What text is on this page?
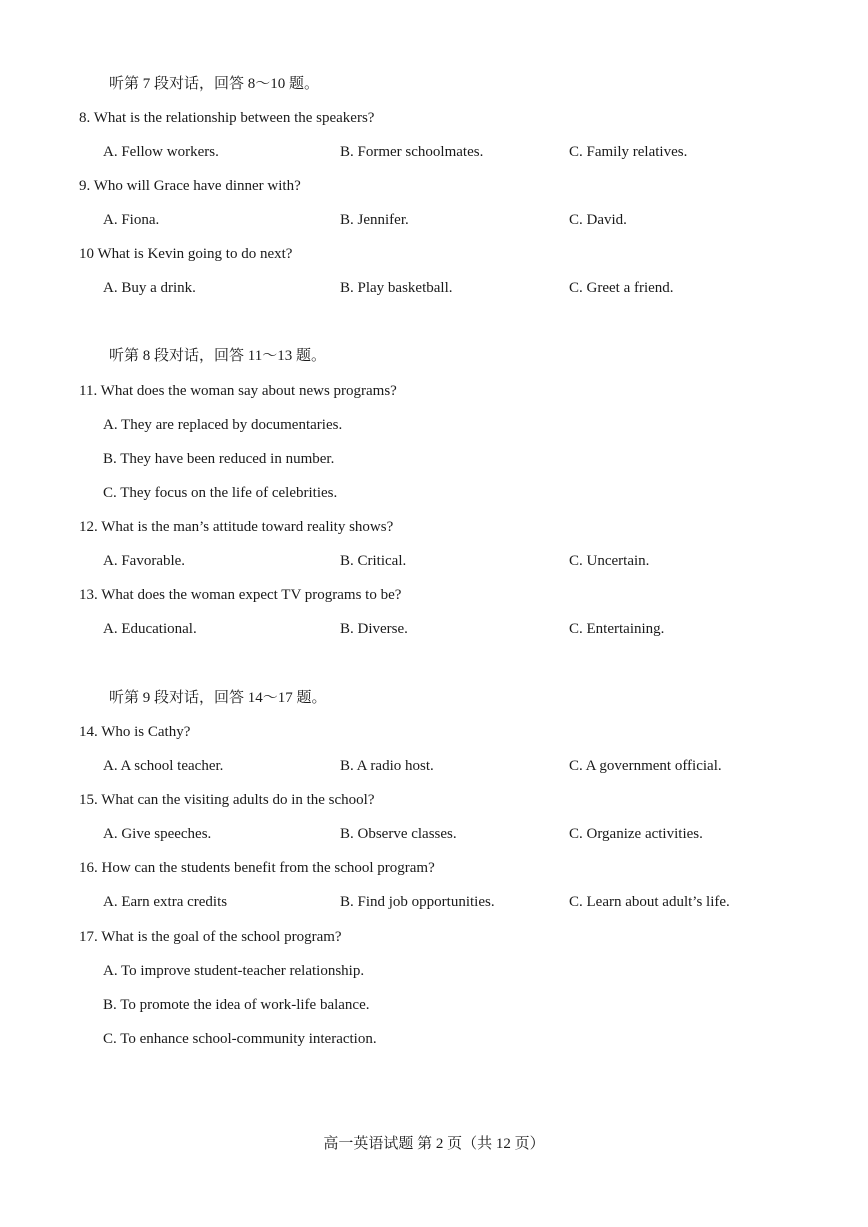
听第 7 段对话，回答 8～10 题。
8. What is the relationship between the speakers?
A. Fellow workers.	B. Former schoolmates.	C. Family relatives.
9. Who will Grace have dinner with?
A. Fiona.	B. Jennifer.	C. David.
10 What is Kevin going to do next?
A. Buy a drink.	B. Play basketball.	C. Greet a friend.
听第 8 段对话，回答 11～13 题。
11. What does the woman say about news programs?
A. They are replaced by documentaries.
B. They have been reduced in number.
C. They focus on the life of celebrities.
12. What is the man’s attitude toward reality shows?
A. Favorable.	B. Critical.	C. Uncertain.
13. What does the woman expect TV programs to be?
A. Educational.	B. Diverse.	C. Entertaining.
听第 9 段对话，回答 14～17 题。
14. Who is Cathy?
A. A school teacher.	B. A radio host.	C. A government official.
15. What can the visiting adults do in the school?
A. Give speeches.	B. Observe classes.	C. Organize activities.
16. How can the students benefit from the school program?
A. Earn extra credits	B. Find job opportunities.	C. Learn about adult’s life.
17. What is the goal of the school program?
A. To improve student-teacher relationship.
B. To promote the idea of work-life balance.
C. To enhance school-community interaction.
高一英语试题 第 2 页（共 12 页）
